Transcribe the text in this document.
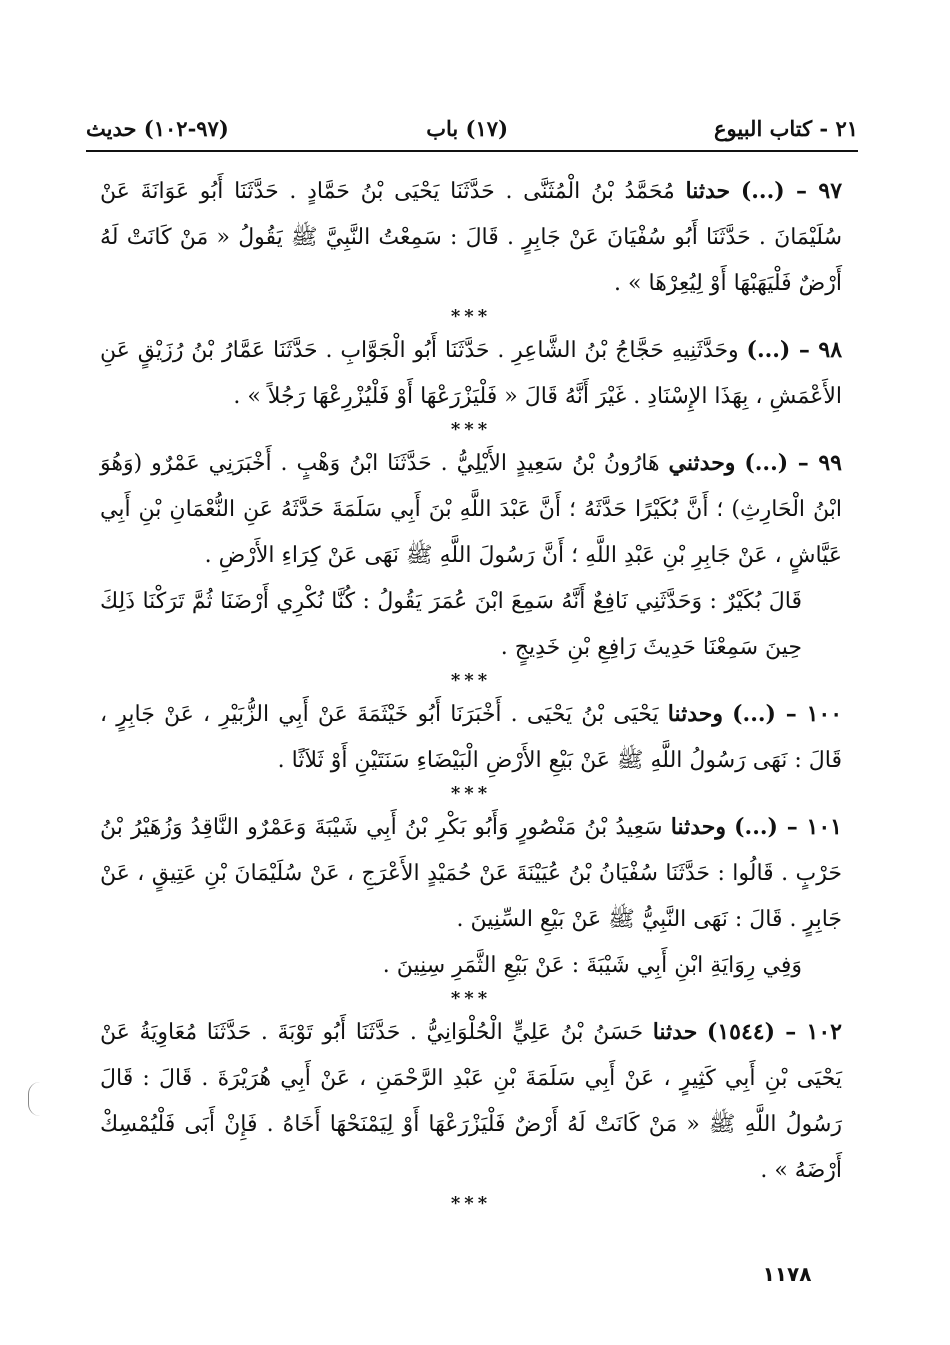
٢١ - كتاب البيوع
(١٧) باب
(٩٧-١٠٢) حديث

٩٧ – (...) حدثنا مُحَمَّدُ بْنُ الْمُثَنَّى . حَدَّثَنَا يَحْيَى بْنُ حَمَّادٍ . حَدَّثَنَا أَبُو عَوَانَةَ عَنْ سُلَيْمَانَ . حَدَّثَنَا أَبُو سُفْيَانَ عَنْ جَابِرٍ . قَالَ : سَمِعْتُ النَّبِيَّ ﷺ يَقُولُ « مَنْ كَانَتْ لَهُ أَرْضٌ فَلْيَهَبْهَا أَوْ لِيُعِرْهَا » .

***

٩٨ – (...) وحَدَّثَنِيهِ حَجَّاجُ بْنُ الشَّاعِرِ . حَدَّثَنَا أَبُو الْجَوَّابِ . حَدَّثَنَا عَمَّارُ بْنُ رُزَيْقٍ عَنِ الأَعْمَشِ ، بِهَذَا الإِسْنَادِ . غَيْرَ أَنَّهُ قَالَ « فَلْيَزْرَعْهَا أَوْ فَلْيُزْرِعْهَا رَجُلاً » .

***

٩٩ – (...) وحدثني هَارُونُ بْنُ سَعِيدٍ الأَيْلِيُّ . حَدَّثَنَا ابْنُ وَهْبٍ . أَخْبَرَنِي عَمْرٌو (وَهُوَ ابْنُ الْحَارِثِ) ؛ أَنَّ بُكَيْرًا حَدَّثَهُ ؛ أَنَّ عَبْدَ اللَّهِ بْنَ أَبِي سَلَمَةَ حَدَّثَهُ عَنِ النُّعْمَانِ بْنِ أَبِي عَيَّاشٍ ، عَنْ جَابِرِ بْنِ عَبْدِ اللَّهِ ؛ أَنَّ رَسُولَ اللَّهِ ﷺ نَهَى عَنْ كِرَاءِ الأَرْضِ .

قَالَ بُكَيْرٌ : وَحَدَّثَنِي نَافِعٌ أَنَّهُ سَمِعَ ابْنَ عُمَرَ يَقُولُ : كُنَّا نُكْرِي أَرْضَنَا ثُمَّ تَرَكْنَا ذَلِكَ حِينَ سَمِعْنَا حَدِيثَ رَافِعِ بْنِ خَدِيجٍ .

***

١٠٠ – (...) وحدثنا يَحْيَى بْنُ يَحْيَى . أَخْبَرَنَا أَبُو خَيْثَمَةَ عَنْ أَبِي الزُّبَيْرِ ، عَنْ جَابِرٍ ، قَالَ : نَهَى رَسُولُ اللَّهِ ﷺ عَنْ بَيْعِ الأَرْضِ الْبَيْضَاءِ سَنَتَيْنِ أَوْ ثَلاَثًا .

***

١٠١ – (...) وحدثنا سَعِيدُ بْنُ مَنْصُورٍ وَأَبُو بَكْرِ بْنُ أَبِي شَيْبَةَ وَعَمْرٌو النَّاقِدُ وَزُهَيْرُ بْنُ حَرْبٍ . قَالُوا : حَدَّثَنَا سُفْيَانُ بْنُ عُيَيْنَةَ عَنْ حُمَيْدٍ الأَعْرَجِ ، عَنْ سُلَيْمَانَ بْنِ عَتِيقٍ ، عَنْ جَابِرٍ . قَالَ : نَهَى النَّبِيُّ ﷺ عَنْ بَيْعِ السِّنِينَ .

وَفِي رِوَايَةِ ابْنِ أَبِي شَيْبَةَ : عَنْ بَيْعِ الثَّمَرِ سِنِينَ .

***

١٠٢ – (١٥٤٤) حدثنا حَسَنُ بْنُ عَلِيٍّ الْحُلْوَانِيُّ . حَدَّثَنَا أَبُو تَوْبَةَ . حَدَّثَنَا مُعَاوِيَةُ عَنْ يَحْيَى بْنِ أَبِي كَثِيرٍ ، عَنْ أَبِي سَلَمَةَ بْنِ عَبْدِ الرَّحْمَنِ ، عَنْ أَبِي هُرَيْرَةَ . قَالَ : قَالَ رَسُولُ اللَّهِ ﷺ « مَنْ كَانَتْ لَهُ أَرْضٌ فَلْيَزْرَعْهَا أَوْ لِيَمْنَحْهَا أَخَاهُ . فَإِنْ أَبَى فَلْيُمْسِكْ أَرْضَهُ » .

***

١١٧٨
